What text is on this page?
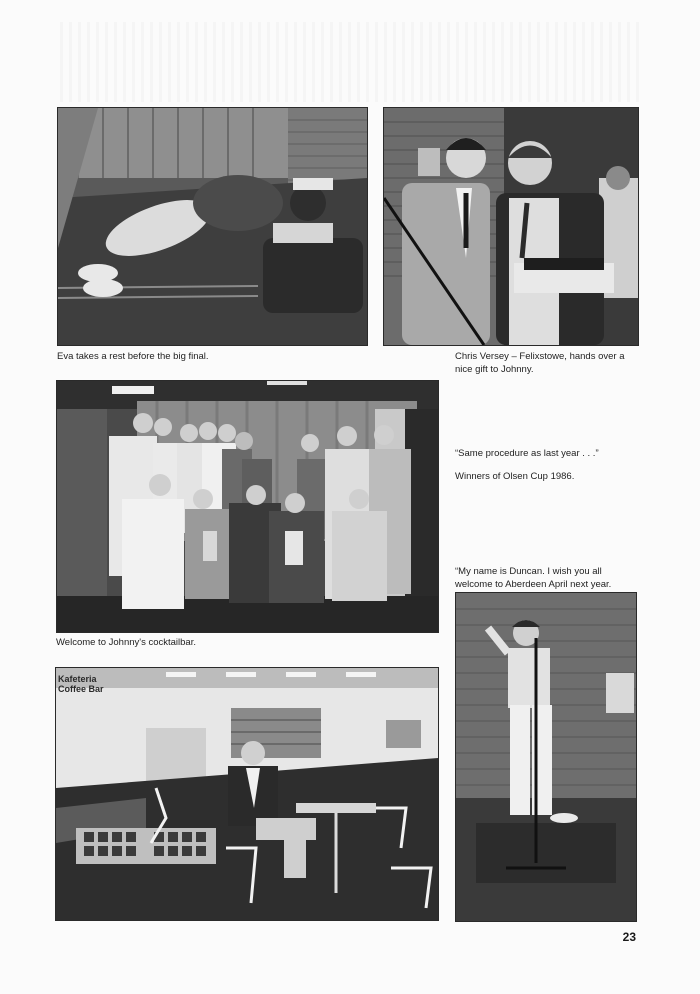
Eva takes a rest before the big final.	Chris Versey – Felixstowe, hands over a
nice gift to Johnny.

Welcome to Johnny's cocktailbar.

“Same procedure as last year . . .”

Winners of Olsen Cup 1986.

“My name is Duncan. I wish you all
welcome to Aberdeen April next year.

Kafeteria
Coffee Bar
23
